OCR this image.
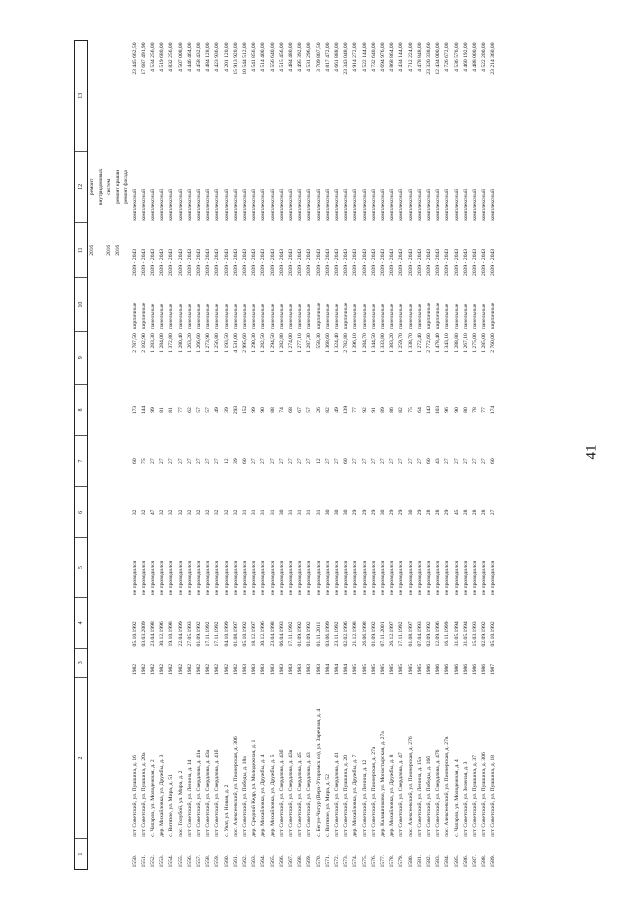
41
1	2	3	4	5	6	7	8	9	10	11	12	13
										2016	ремонт	
											внутридомовых	
										2016	систем	
										2016	ремонт крыши	
											ремонт фасада	
1550.	пгт Советский, ул. Пушкина, д. 16	1982	05.10.1992	не проводился	32	60	173	2 787,50	кирпичные	2039 - 2043	комплексный	23 445 662,50
1551.	пгт Советский, ул. Пушкина, д. 20а	1982	03.03.2009	не проводился	32	75	144	2 102,90	кирпичные	2039 - 2043	комплексный	17 687 491,90
1552.	с. Чапарло, ул. Молодежная, д. 2	1982	23.04.1998	не проводился	47	27	99	1 283,30	панельные	2039 - 2043	комплексный	4 534 256,00
1553.	дер. Михайловка, ул. Дружбы, д. 3	1982	30.12.1996	не проводился	32	27	81	1 284,00	панельные	2039 - 2043	комплексный	4 519 680,00
1554.	с. Витязое, ул. Мира, д. 51	1982	19.10.1998	не проводился	32	27	81	1 372,80	панельные	2039 - 2043	комплексный	4 832 256,00
1555.	пос. Голубой, ул. Мира, д. 2	1982	22.04.1999	не проводился	32	27	77	1 280,40	панельные	2039 - 2043	комплексный	4 507 008,00
1556.	пгт Советский, ул. Ленина, д. 14	1982	27.05.1993	не проводился	32	27	62	1 263,20	панельные	2039 - 2043	комплексный	4 446 464,00
1557.	пгт Советский, ул. Свердлова, д. 41в	1982	01.09.1992	не проводился	32	27	57	1 266,60	панельные	2039 - 2043	комплексный	4 458 432,00
1558.	пгт Советский, ул. Свердлова, д. 43а	1982	17.11.1992	не проводился	32	27	57	1 273,90	панельные	2039 - 2043	комплексный	4 484 128,00
1559.	пгт Советский, ул. Свердлова, д. 41б	1982	17.11.1992	не проводился	32	27	49	1 256,80	панельные	2039 - 2043	комплексный	4 423 936,00
1560.	с. Уват, ул. Новая, д. 2	1982	04.10.1999	не проводился	32	12	39	1 193,50	панельные	2039 - 2043	комплексный	4 201 120,00
1561.	пос. Алексеевский, ул. Пионерская, д. 306	1982	01.08.1997	не проводился	32	39	293	4 531,00	панельные	2039 - 2043	комплексный	15 913 920,00
1562.	пгт Советский, ул. Победы, д. 18а	1983	05.10.1992	не проводился	31	60	152	2 995,60	панельные	2039 - 2043	комплексный	10 544 512,00
1563.	дер. Средний Кедр, ул. Молодежная, д. 1	1983	18.12.1997	не проводился	31	27	99	1 290,30	панельные	2039 - 2043	комплексный	4 541 856,00
1564.	дер. Михайловка, ул. Дружбы, д. 4	1983	30.12.1996	не проводился	31	27	90	1 282,50	панельные	2039 - 2043	комплексный	4 514 400,00
1565.	дер. Михайловка, ул. Дружбы, д. 5	1983	23.04.1998	не проводился	31	27	88	1 294,50	панельные	2039 - 2043	комплексный	4 556 640,00
1566.	пгт Советский, ул. Свердлова, д. 43б	1983	06.04.1993	не проводился	30	27	74	1 282,80	панельные	2039 - 2043	комплексный	4 515 456,00
1567.	пгт Советский, ул. Свердлова, д. 43в	1983	17.11.1992	не проводился	31	27	68	1 274,00	панельные	2039 - 2043	комплексный	4 484 480,00
1568.	пгт Советский, ул. Свердлова, д. 45	1983	01.09.1992	не проводился	31	27	67	1 277,10	панельные	2039 - 2043	комплексный	4 495 392,00
1569.	пгт Советский, ул. Свердлова, д. 43	1983	01.09.1992	не проводился	31	27	57	1 287,30	панельные	2039 - 2043	комплексный	4 531 296,00
1570.	с. Бегун-Чигур (Верх-Утиримск оз), ул. Заречная, д. 4	1983	01.11.2011	не проводился	31	12	26	558,30	кирпичные	2039 - 2043	комплексный	3 709 807,50
1571.	с. Витязое, ул. Мира, д. 52	1984	03.06.1999	не проводился	30	27	82	1 368,60	панельные	2039 - 2043	комплексный	4 817 472,00
1572.	пгт Советский, ул. Свердлова, д. 41	1984	23.11.1992	не проводился	30	27	49	1 324,40	панельные	2039 - 2043	комплексный	4 661 888,00
1573.	пгт Советский, ул. Пушкина, д. 20	1984	02.02.1996	не проводился	30	60	139	2 782,80	кирпичные	2039 - 2043	комплексный	23 343 048,00
1574.	дер. Михайловка, ул. Дружбы, д. 7	1985	21.12.1998	не проводился	29	27	77	1 396,10	панельные	2039 - 2043	комплексный	4 914 272,00
1575.	пгт Советский, ул. Ленина, д. 12	1985	26.06.1998	не проводился	29	27	92	1 284,70	панельные	2039 - 2043	комплексный	4 522 144,00
1576.	пгт Советский, ул. Пионерская, д. 27а	1985	01.09.1992	не проводился	29	27	91	1 344,50	панельные	2039 - 2043	комплексный	4 732 640,00
1577.	дер. Калашниково, ул. Монастырская, д. 27а	1985	07.11.2001	не проводился	30	27	89	1 333,80	панельные	2039 - 2043	комплексный	4 694 976,00
1578.	дер. Михайловка, ул. Дружбы, д. 8	1985	26.12.1997	не проводился	29	27	86	1 383,20	панельные	2039 - 2043	комплексный	4 868 864,00
1579.	пгт Советский, ул. Свердлова, д. 47	1985	17.11.1992	не проводился	29	27	82	1 259,70	панельные	2039 - 2043	комплексный	4 434 144,00
1580.	пос. Алексеевский, ул. Пионерская, д. 276	1985	01.08.1997	не проводился	30	27	75	1 338,70	панельные	2039 - 2043	комплексный	4 712 224,00
1581.	пгт Советский, ул. Ленина, д. 15а	1985	07.04.1993	не проводился	29	27	64	1 272,40	панельные	2039 - 2043	комплексный	4 478 848,00
1582.	пгт Советский, ул. Победы, д. 16б	1986	02.09.1992	не проводился	28	60	143	2 772,60	кирпичные	2039 - 2043	комплексный	23 320 338,60
1583.	пгт Советский, ул. Свердлова, д. 476	1986	12.09.1996	не проводился	28	43	103	1 478,40	кирпичные	2039 - 2043	комплексный	12 434 000,00
1584.	пос. Алексеевский, ул. Пионерская, д. 27в	1986	16.11.1999	не проводился	29	27	96	1 343,10	панельные	2039 - 2043	комплексный	4 726 672,00
1585.	с. Чапарло, ул. Молодежная, д. 4	1986	31.05.1994	не проводился	45	27	90	1 288,80	панельные	2039 - 2043	комплексный	4 536 576,00
1586.	пгт Советский, ул. Зеленая, д. 3	1986	31.05.1994	не проводился	28	27	80	1 267,10	панельные	2039 - 2043	комплексный	4 460 192,00
1587.	пгт Советский, ул. Пушкина, д. 37	1986	15.03.1993	не проводился	28	27	78	1 275,00	панельные	2039 - 2043	комплексный	4 488 000,00
1588.	пгт Советский, ул. Пушкина, д. 306	1986	02.09.1992	не проводился	28	27	77	1 285,00	панельные	2039 - 2043	комплексный	4 522 200,00
1589.	пгт Советский, ул. Пушкина, д. 18	1987	05.10.1992	не проводился	27	60	174	2 760,00	кирпичные	2039 - 2043	комплексный	23 214 360,00
